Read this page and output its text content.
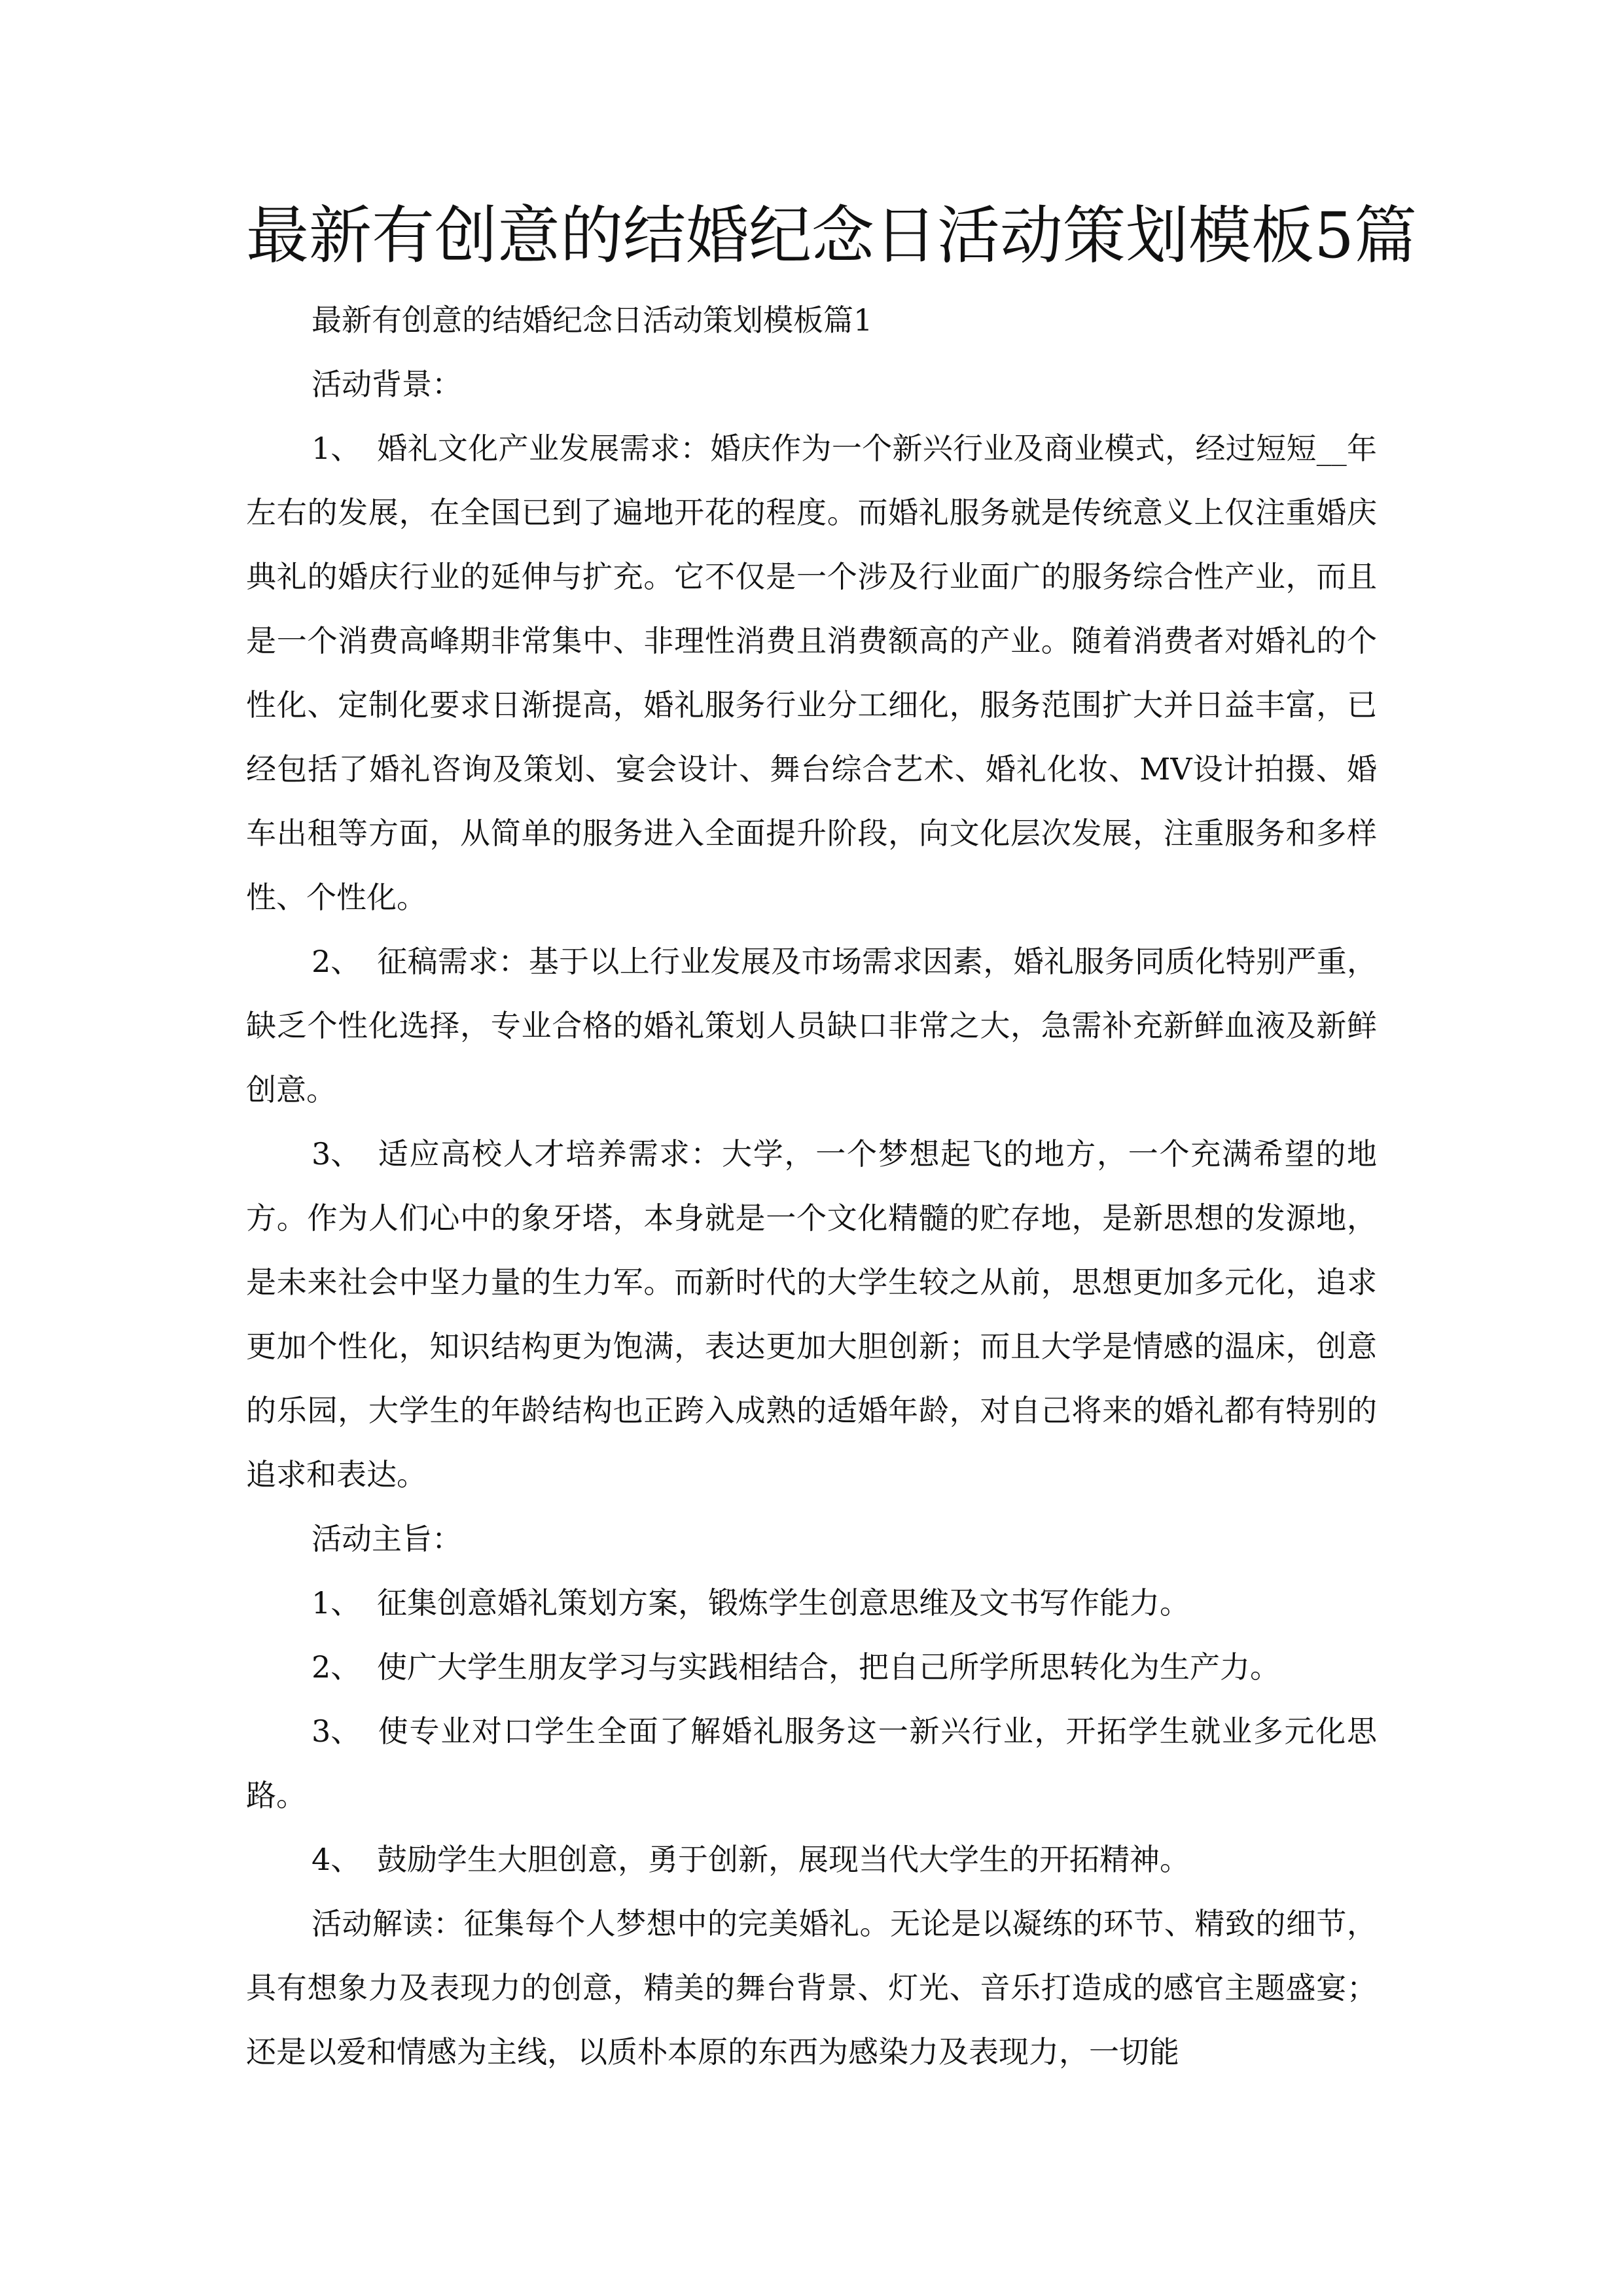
最新有创意的结婚纪念日活动策划模板5篇

最新有创意的结婚纪念日活动策划模板篇1

活动背景：

1、 婚礼文化产业发展需求：婚庆作为一个新兴行业及商业模式，经过短短__年左右的发展，在全国已到了遍地开花的程度。而婚礼服务就是传统意义上仅注重婚庆典礼的婚庆行业的延伸与扩充。它不仅是一个涉及行业面广的服务综合性产业，而且是一个消费高峰期非常集中、非理性消费且消费额高的产业。随着消费者对婚礼的个性化、定制化要求日渐提高，婚礼服务行业分工细化，服务范围扩大并日益丰富，已经包括了婚礼咨询及策划、宴会设计、舞台综合艺术、婚礼化妆、MV设计拍摄、婚车出租等方面，从简单的服务进入全面提升阶段，向文化层次发展，注重服务和多样性、个性化。

2、 征稿需求：基于以上行业发展及市场需求因素，婚礼服务同质化特别严重，缺乏个性化选择，专业合格的婚礼策划人员缺口非常之大，急需补充新鲜血液及新鲜创意。

3、 适应高校人才培养需求：大学，一个梦想起飞的地方，一个充满希望的地方。作为人们心中的象牙塔，本身就是一个文化精髓的贮存地，是新思想的发源地，是未来社会中坚力量的生力军。而新时代的大学生较之从前，思想更加多元化，追求更加个性化，知识结构更为饱满，表达更加大胆创新；而且大学是情感的温床，创意的乐园，大学生的年龄结构也正跨入成熟的适婚年龄，对自己将来的婚礼都有特别的追求和表达。

活动主旨：

1、 征集创意婚礼策划方案，锻炼学生创意思维及文书写作能力。

2、 使广大学生朋友学习与实践相结合，把自己所学所思转化为生产力。

3、 使专业对口学生全面了解婚礼服务这一新兴行业，开拓学生就业多元化思路。

4、 鼓励学生大胆创意，勇于创新，展现当代大学生的开拓精神。

活动解读：征集每个人梦想中的完美婚礼。无论是以凝练的环节、精致的细节，具有想象力及表现力的创意，精美的舞台背景、灯光、音乐打造成的感官主题盛宴；还是以爱和情感为主线，以质朴本原的东西为感染力及表现力，一切能
